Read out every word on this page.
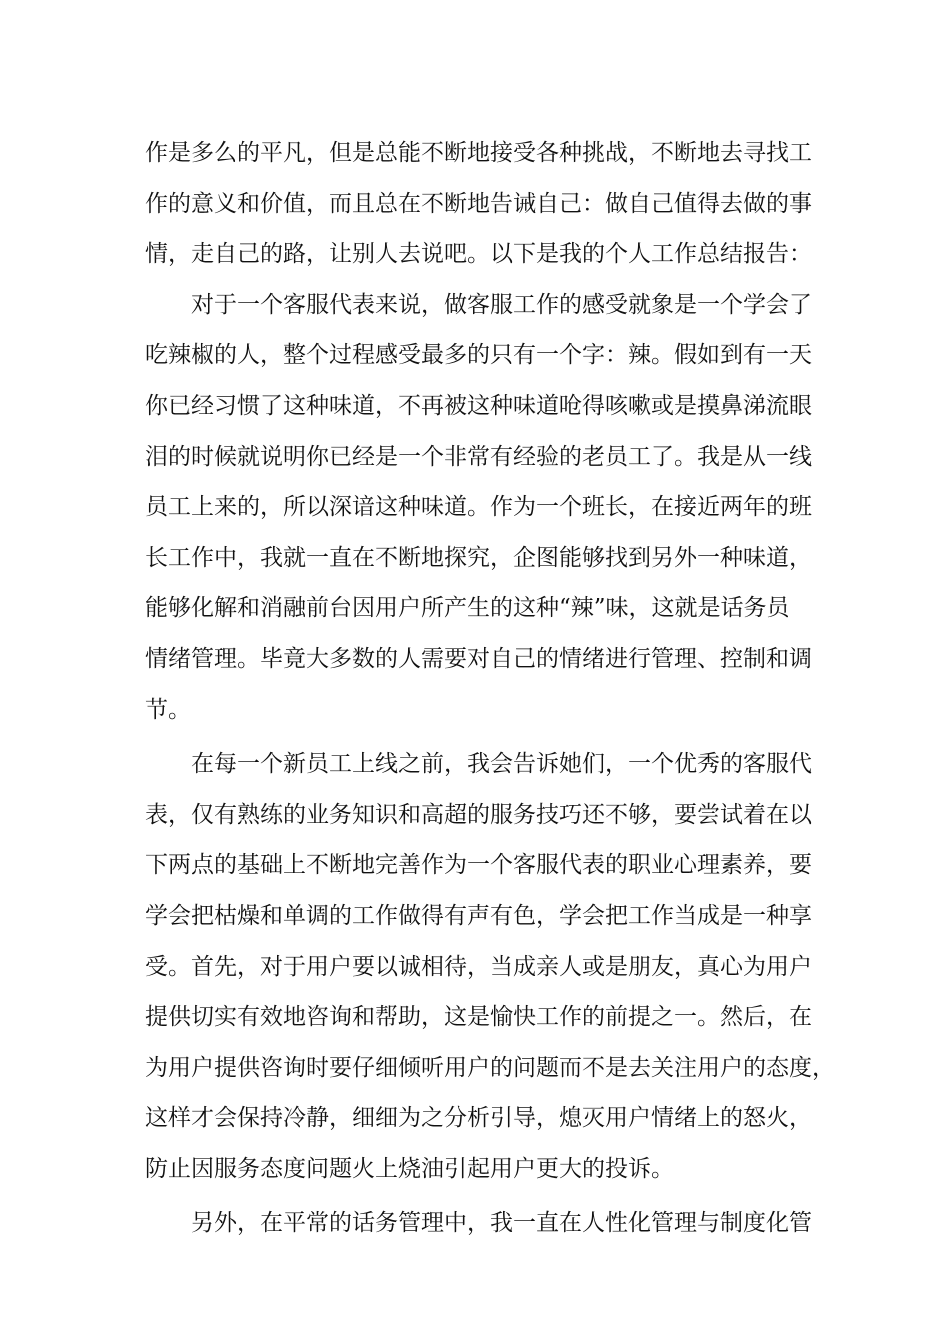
作是多么的平凡，但是总能不断地接受各种挑战，不断地去寻找工
作的意义和价值，而且总在不断地告诫自己：做自己值得去做的事
情，走自己的路，让别人去说吧。以下是我的个人工作总结报告：
对于一个客服代表来说，做客服工作的感受就象是一个学会了
吃辣椒的人，整个过程感受最多的只有一个字：辣。假如到有一天
你已经习惯了这种味道，不再被这种味道呛得咳嗽或是摸鼻涕流眼
泪的时候就说明你已经是一个非常有经验的老员工了。我是从一线
员工上来的，所以深谙这种味道。作为一个班长，在接近两年的班
长工作中，我就一直在不断地探究，企图能够找到另外一种味道，
能够化解和消融前台因用户所产生的这种“辣”味，这就是话务员
情绪管理。毕竟大多数的人需要对自己的情绪进行管理、控制和调
节。
在每一个新员工上线之前，我会告诉她们，一个优秀的客服代
表，仅有熟练的业务知识和高超的服务技巧还不够，要尝试着在以
下两点的基础上不断地完善作为一个客服代表的职业心理素养，要
学会把枯燥和单调的工作做得有声有色，学会把工作当成是一种享
受。首先，对于用户要以诚相待，当成亲人或是朋友，真心为用户
提供切实有效地咨询和帮助，这是愉快工作的前提之一。然后，在
为用户提供咨询时要仔细倾听用户的问题而不是去关注用户的态度，
这样才会保持冷静，细细为之分析引导，熄灭用户情绪上的怒火，
防止因服务态度问题火上烧油引起用户更大的投诉。
另外，在平常的话务管理中，我一直在人性化管理与制度化管
